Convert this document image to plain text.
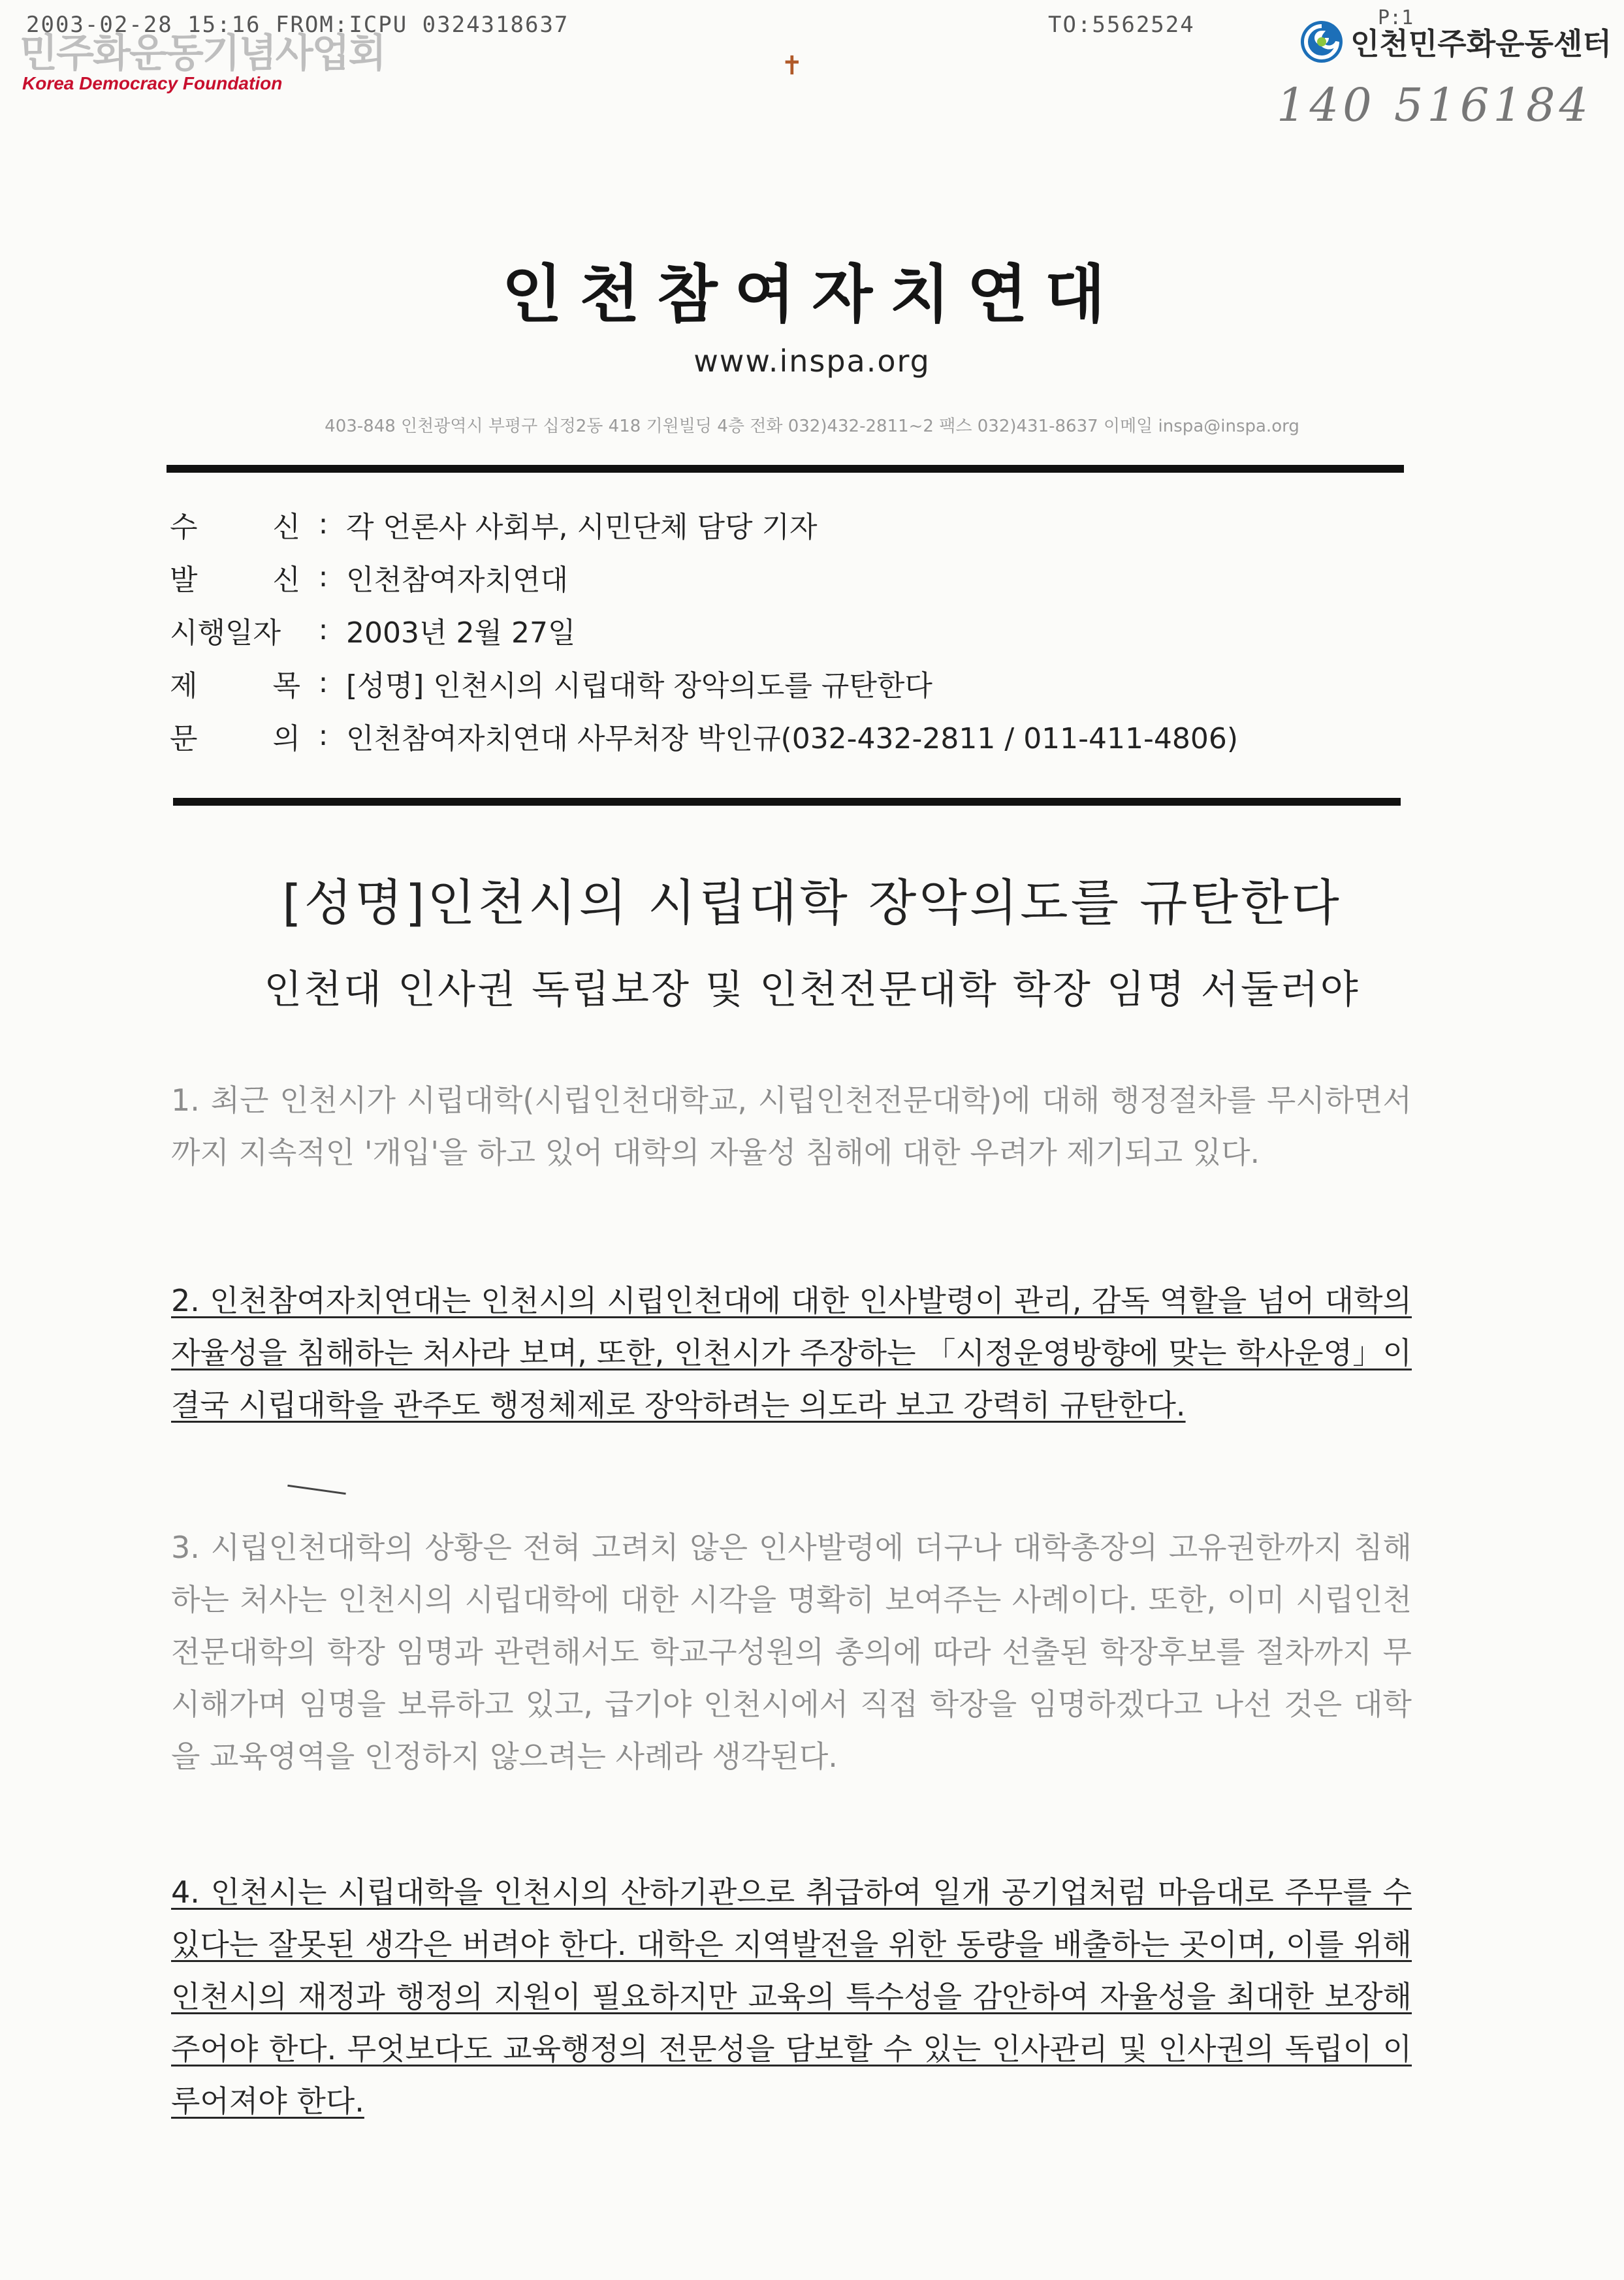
2003-02-28 15:16 FROM:ICPU 0324318637	TO:5562524	P:1
민주화운동기념사업회
Korea Democracy Foundation
인천민주화운동센터
140 516184
✝
인천참여자치연대
www.inspa.org
403-848 인천광역시 부평구 십정2동 418 기원빌딩 4층 전화 032)432-2811~2 팩스 032)431-8637 이메일 inspa@inspa.org
수	신 : 각 언론사 사회부, 시민단체 담당 기자
발	신 : 인천참여자치연대
시행일자	: 2003년 2월 27일
제	목 : [성명] 인천시의 시립대학 장악의도를 규탄한다
문	의 : 인천참여자치연대 사무처장 박인규(032-432-2811 / 011-411-4806)
[성명]인천시의 시립대학 장악의도를 규탄한다
인천대 인사권 독립보장 및 인천전문대학 학장 임명 서둘러야
1. 최근 인천시가 시립대학(시립인천대학교, 시립인천전문대학)에 대해 행정절차를 무시하면서까지 지속적인 '개입'을 하고 있어 대학의 자율성 침해에 대한 우려가 제기되고 있다.
2. 인천참여자치연대는 인천시의 시립인천대에 대한 인사발령이 관리, 감독 역할을 넘어 대학의 자율성을 침해하는 처사라 보며, 또한, 인천시가 주장하는 「시정운영방향에 맞는 학사운영」이 결국 시립대학을 관주도 행정체제로 장악하려는 의도라 보고 강력히 규탄한다.
3. 시립인천대학의 상황은 전혀 고려치 않은 인사발령에 더구나 대학총장의 고유권한까지 침해하는 처사는 인천시의 시립대학에 대한 시각을 명확히 보여주는 사례이다. 또한, 이미 시립인천전문대학의 학장 임명과 관련해서도 학교구성원의 총의에 따라 선출된 학장후보를 절차까지 무시해가며 임명을 보류하고 있고, 급기야 인천시에서 직접 학장을 임명하겠다고 나선 것은 대학을 교육영역을 인정하지 않으려는 사례라 생각된다.
4. 인천시는 시립대학을 인천시의 산하기관으로 취급하여 일개 공기업처럼 마음대로 주무를 수 있다는 잘못된 생각은 버려야 한다. 대학은 지역발전을 위한 동량을 배출하는 곳이며, 이를 위해 인천시의 재정과 행정의 지원이 필요하지만 교육의 특수성을 감안하여 자율성을 최대한 보장해 주어야 한다. 무엇보다도 교육행정의 전문성을 담보할 수 있는 인사관리 및 인사권의 독립이 이루어져야 한다.
